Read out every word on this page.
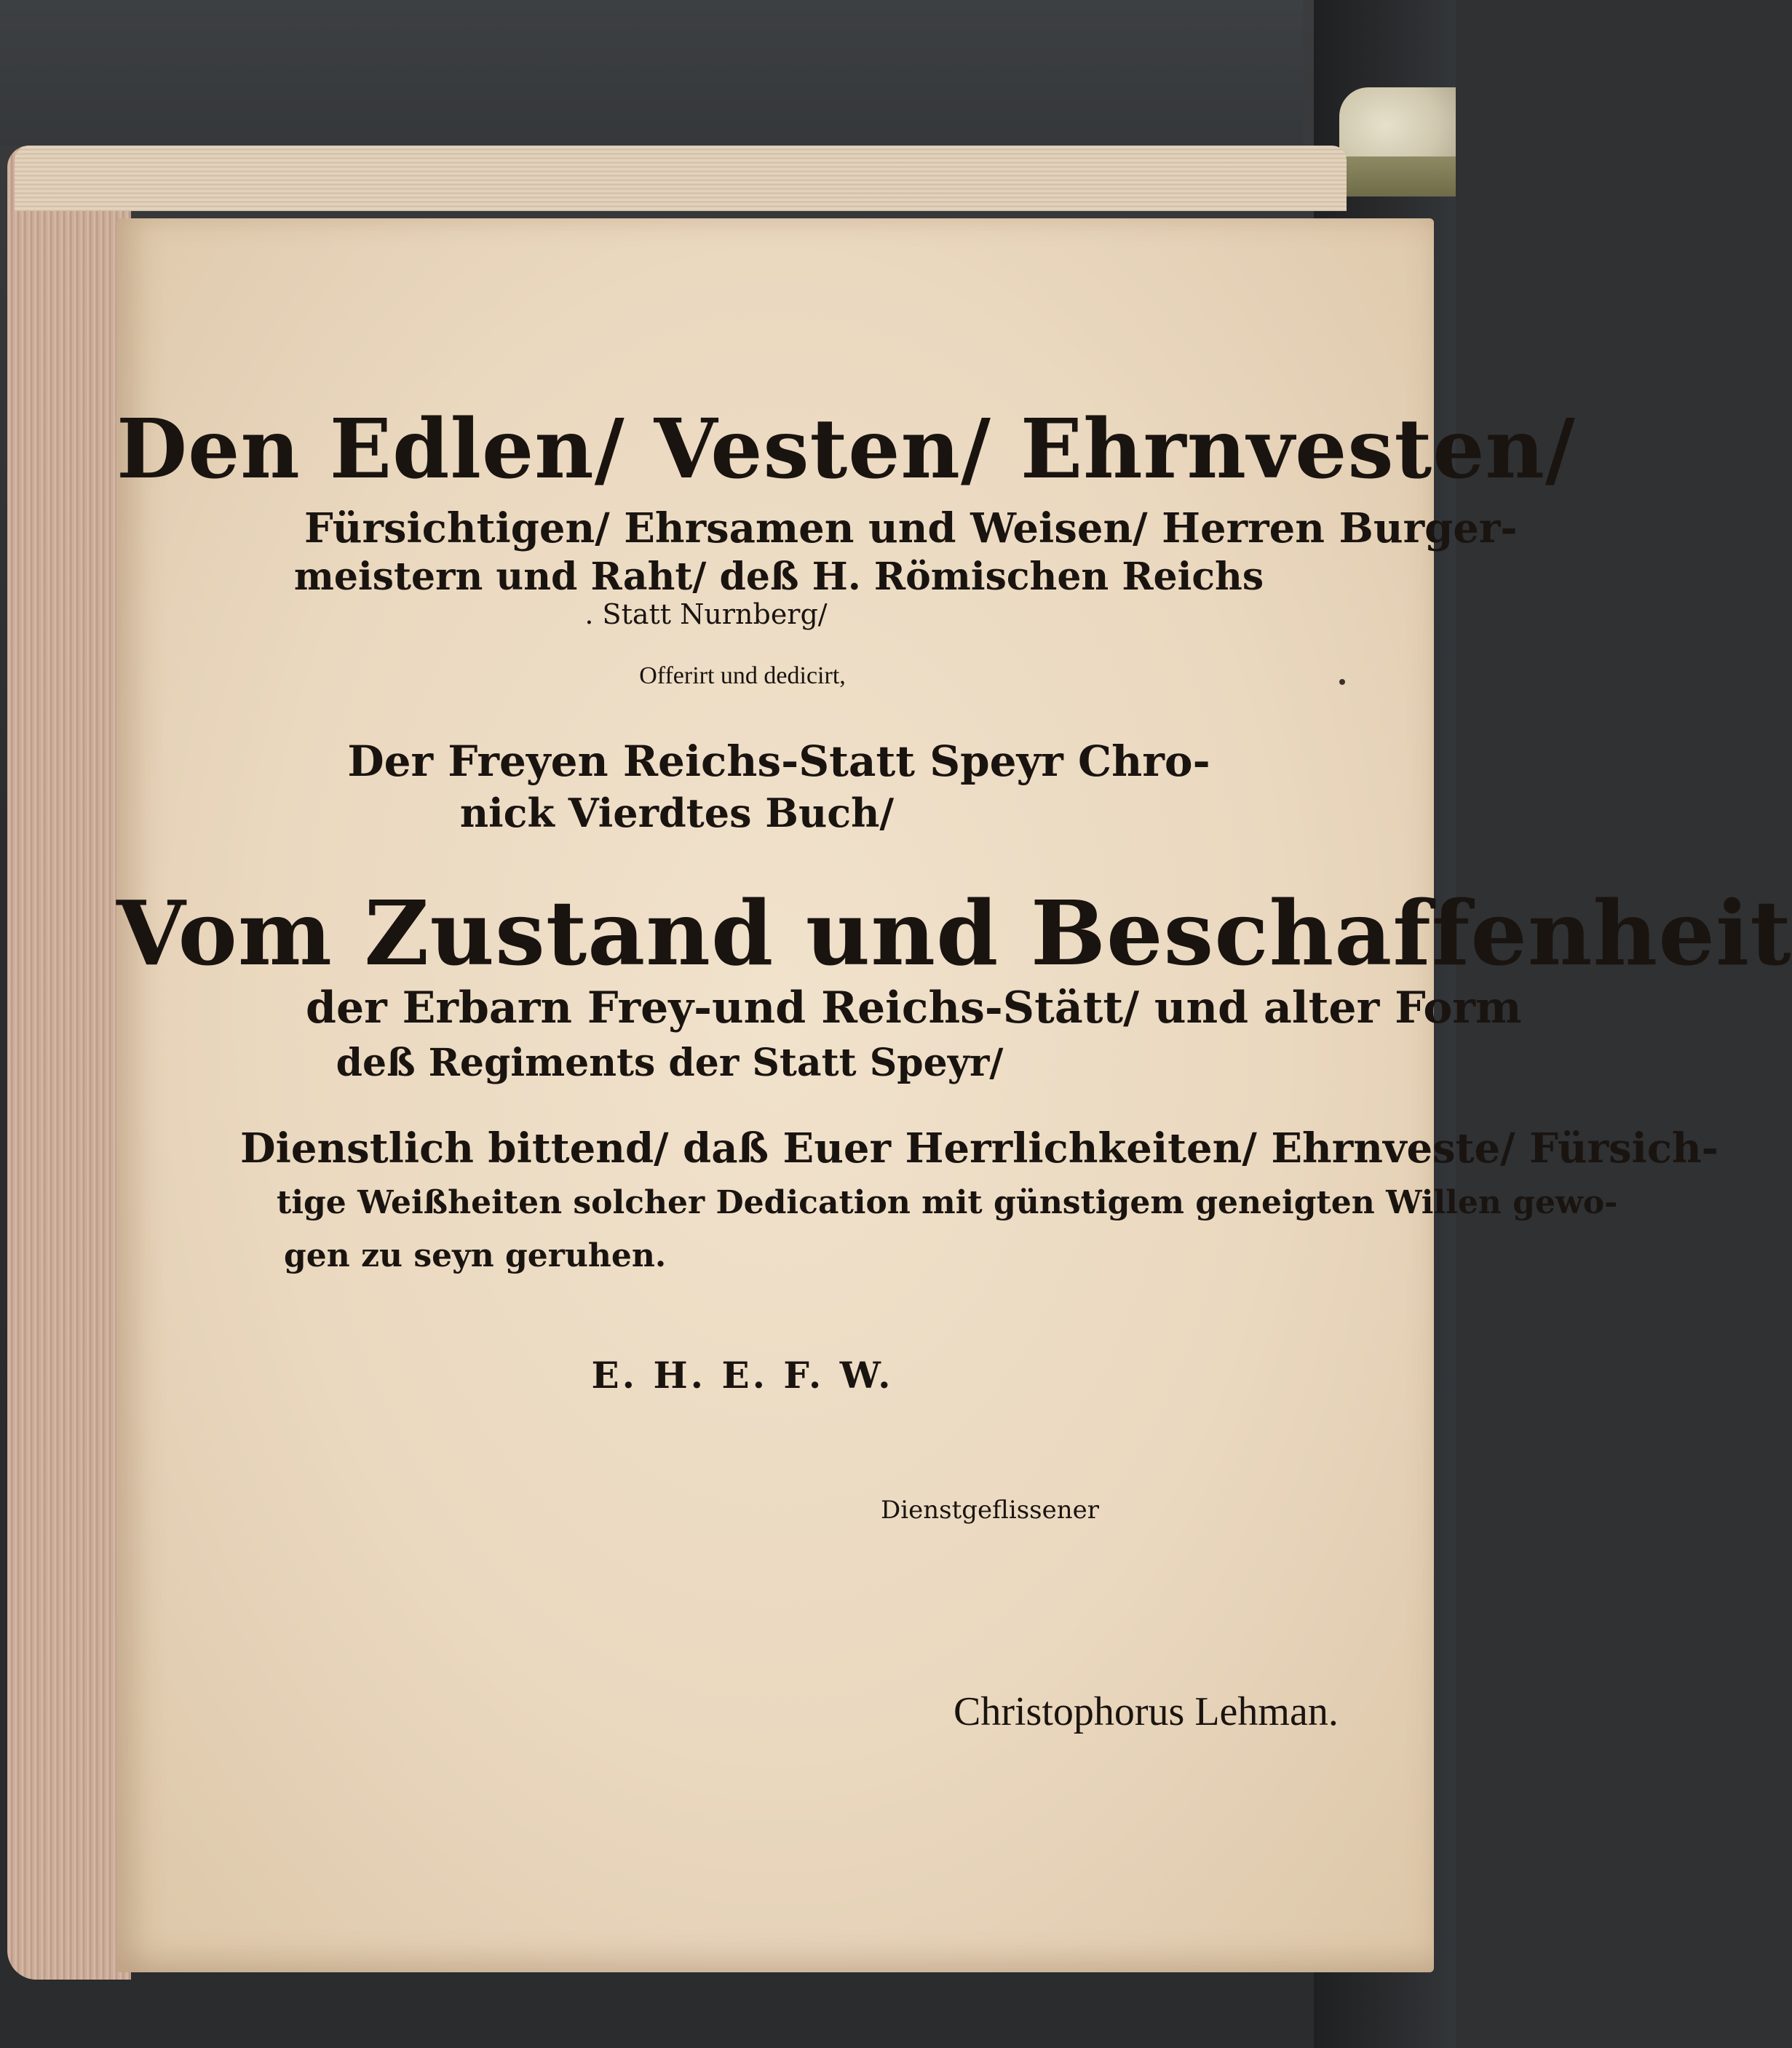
Den Edlen/ Vesten/ Ehrnvesten/
Fürsichtigen/ Ehrsamen und Weisen/ Herren Burger-
meistern und Raht/ deß H. Römischen Reichs
. Statt Nurnberg/
Offerirt und dedicirt,
Der Freyen Reichs-Statt Speyr Chro-
nick Vierdtes Buch/
Vom Zustand und Beschaffenheit
der Erbarn Frey-und Reichs-Stätt/ und alter Form
deß Regiments der Statt Speyr/
Dienstlich bittend/ daß Euer Herrlichkeiten/ Ehrnveste/ Fürsich-
tige Weißheiten solcher Dedication mit günstigem geneigten Willen gewo-
gen zu seyn geruhen.
E. H. E. F. W.
Dienstgeflissener
Christophorus Lehman.
